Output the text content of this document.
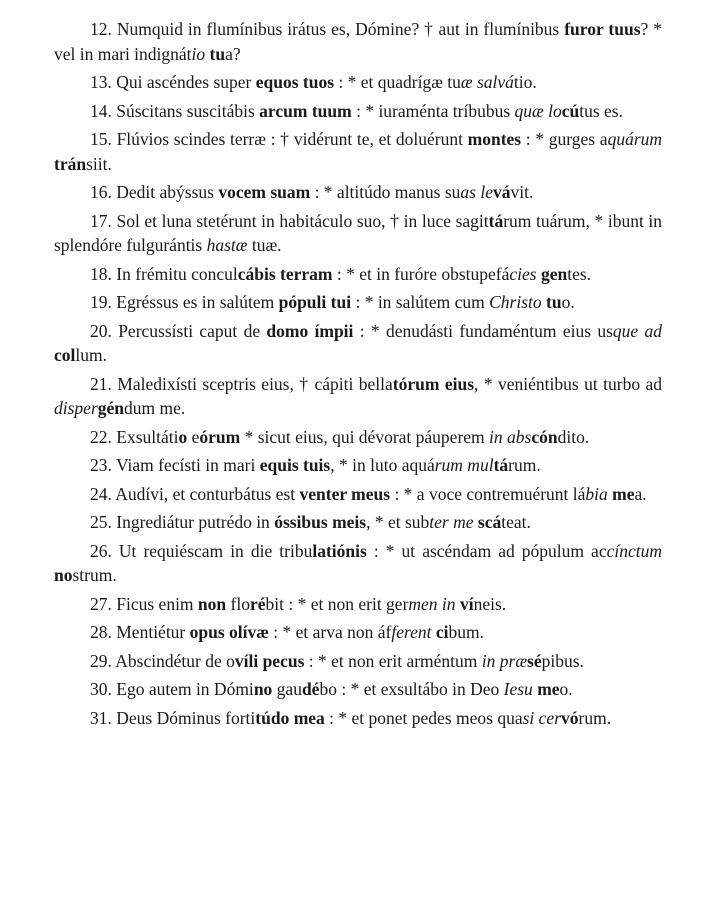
12. Numquid in flumínibus irátus es, Dómine? † aut in flumínibus furor tuus? * vel in mari indignátio tua?

13. Qui ascéndes super equos tuos : * et quadrígæ tuæ salvátio.

14. Súscitans suscitábis arcum tuum : * iuraménta tríbubus quæ locútus es.

15. Flúvios scindes terræ : † vidérunt te, et doluérunt montes : * gurges aquárum tránsiit.

16. Dedit abýssus vocem suam : * altitúdo manus suas levávit.

17. Sol et luna stetérunt in habitáculo suo, † in luce sagittárum tuárum, * ibunt in splendóre fulgurántis hastæ tuæ.

18. In frémitu conculcábis terram : * et in furóre obstupefácies gentes.

19. Egréssus es in salútem pópuli tui : * in salútem cum Christo tuo.

20. Percussísti caput de domo ímpii : * denudásti fundaméntum eius usque ad collum.

21. Maledixísti sceptris eius, † cápiti bellatórum eius, * veniéntibus ut turbo ad dispergéndum me.

22. Exsultátio eórum * sicut eius, qui dévorat páuperem in abscóndito.

23. Viam fecísti in mari equis tuis, * in luto aquárum multárum.

24. Audívi, et conturbátus est venter meus : * a voce contremuérunt lábia mea.

25. Ingrediátur putrédo in óssibus meis, * et subter me scáteat.

26. Ut requiéscam in die tribulatiónis : * ut ascéndam ad pópulum accínctum nostrum.

27. Ficus enim non florébit : * et non erit germen in víneis.

28. Mentiétur opus olívæ : * et arva non áfferent cibum.

29. Abscindétur de ovíli pecus : * et non erit arméntum in præsépibus.

30. Ego autem in Dómino gaudébo : * et exsultábo in Deo Iesu meo.

31. Deus Dóminus fortitúdo mea : * et ponet pedes meos quasi cervórum.
